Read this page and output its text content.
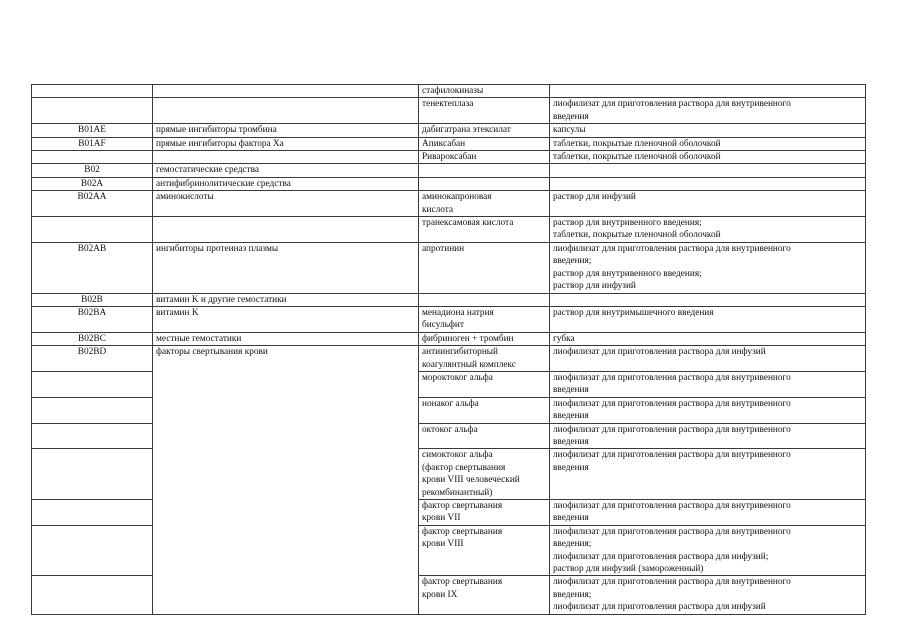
		стафилокиназы	

		тенектеплаза	лиофилизат для приготовления раствора для внутривенного
введения

B01AE	прямые ингибиторы тромбина	дабигатрана этексилат	капсулы

B01AF	прямые ингибиторы фактора Xa	Апиксабан	таблетки, покрытые пленочной оболочкой

		Ривароксабан	таблетки, покрытые пленочной оболочкой

B02	гемостатические средства		

B02A	антифибринолитические средства		

B02AA	аминокислоты	аминокапроновая
кислота	раствор для инфузий

		транексамовая кислота	раствор для внутривенного введения;
таблетки, покрытые пленочной оболочкой

B02AB	ингибиторы протеиназ плазмы	апротинин	лиофилизат для приготовления раствора для внутривенного
введения;
раствор для внутривенного введения;
раствор для инфузий

B02B	витамин K и другие гемостатики		

B02BA	витамин K	менадиона натрия
бисульфит	раствор для внутримышечного введения

B02BC	местные гемостатики	фибриноген + тромбин	губка

B02BD	факторы свертывания крови	антиингибиторный
коагулянтный комплекс	лиофилизат для приготовления раствора для инфузий

		мороктоког альфа	лиофилизат для приготовления раствора для внутривенного
введения

		нонаког альфа	лиофилизат для приготовления раствора для внутривенного
введения

		октоког альфа	лиофилизат для приготовления раствора для внутривенного
введения

		симоктоког альфа
(фактор свертывания
крови VIII человеческий
рекомбинантный)	лиофилизат для приготовления раствора для внутривенного
введения

		фактор свертывания
крови VII	лиофилизат для приготовления раствора для внутривенного
введения

		фактор свертывания
крови VIII	лиофилизат для приготовления раствора для внутривенного
введения;
лиофилизат для приготовления раствора для инфузий;
раствор для инфузий (замороженный)

		фактор свертывания
крови IX	лиофилизат для приготовления раствора для внутривенного
введения;
лиофилизат для приготовления раствора для инфузий
